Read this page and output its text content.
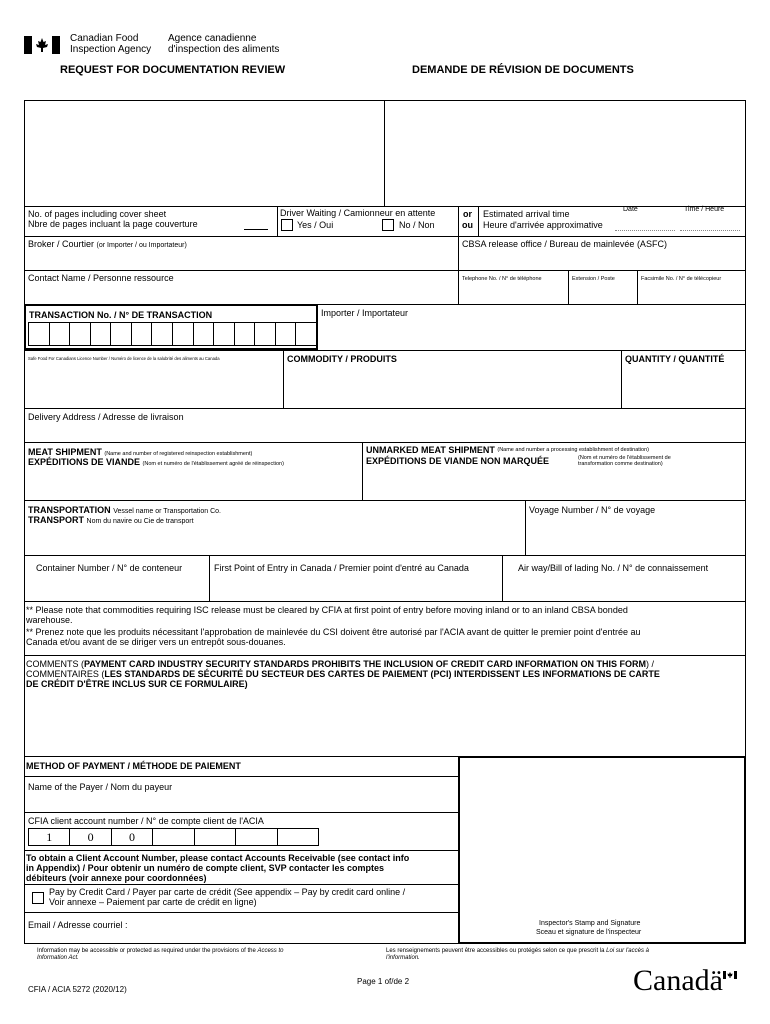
Canadian Food
Inspection Agency
Agence canadienne
d'inspection des aliments
REQUEST FOR DOCUMENTATION REVIEW	DEMANDE DE RÉVISION DE DOCUMENTS
No. of pages including cover sheet
Nbre de pages incluant la page couverture
Driver Waiting / Camionneur en attente
Yes / Oui	No / Non
or
ou
Estimated arrival time
Heure d'arrivée approximative
Date	Time / Heure
Broker / Courtier (or Importer / ou Importateur)	CBSA release office / Bureau de mainlevée (ASFC)
Contact Name / Personne ressource	Telephone No. / N° de téléphone	Extension / Poste	Facsimile No. / N° de télécopieur
TRANSACTION No. / N° DE TRANSACTION	Importer / Importateur
Safe Food For Canadians Licence Number / Numéro de licence de la salubrité des aliments au Canada	COMMODITY / PRODUITS	QUANTITY / QUANTITÉ
Delivery Address / Adresse de livraison
MEAT SHIPMENT (Name and number of registered reinspection establishment)
EXPÉDITIONS DE VIANDE (Nom et numéro de l'établissement agréé de réinspection)
UNMARKED MEAT SHIPMENT $^{(Name and number a processing establishment of destination)}$
EXPÉDITIONS DE VIANDE NON MARQUÉE	(Nom et numéro de l'établissement de
transformation comme destination)
TRANSPORTATION Vessel name or Transportation Co.
TRANSPORT Nom du navire ou Cie de transport
Voyage Number / N° de voyage
Container Number / N° de conteneur	First Point of Entry in Canada / Premier point d'entré au Canada	Air way/Bill of lading No. / N° de connaissement
** Please note that commodities requiring ISC release must be cleared by CFIA at first point of entry before moving inland or to an inland CBSA bonded
warehouse.
** Prenez note que les produits nécessitant l'approbation de mainlevée du CSI doivent être autorisé par l'ACIA avant de quitter le premier point d'entrée au
Canada et/ou avant de se diriger vers un entrepôt sous-douanes.
COMMENTS (PAYMENT CARD INDUSTRY SECURITY STANDARDS PROHIBITS THE INCLUSION OF CREDIT CARD INFORMATION ON THIS FORM) /
COMMENTAIRES (LES STANDARDS DE SÉCURITÉ DU SECTEUR DES CARTES DE PAIEMENT (PCI) INTERDISSENT LES INFORMATIONS DE CARTE
DE CRÉDIT D'ÊTRE INCLUS SUR CE FORMULAIRE)
Inspector's Stamp and Signature
Sceau et signature de l'inspecteur
METHOD OF PAYMENT / MÉTHODE DE PAIEMENT
Name of the Payer / Nom du payeur
CFIA client account number / N° de compte client de l'ACIA
1	0	0
To obtain a Client Account Number, please contact Accounts Receivable (see contact info
in Appendix) / Pour obtenir un numéro de compte client, SVP contacter les comptes
débiteurs (voir annexe pour coordonnées)
Pay by Credit Card / Payer par carte de crédit (See appendix – Pay by credit card online /
Voir annexe – Paiement par carte de crédit en ligne)
Email / Adresse courriel :
Information may be accessible or protected as required under the provisions of the Access to
Information Act.
Les renseignements peuvent être accessibles ou protégés selon ce que prescrit la Loi sur l'accès à
l'information.
CFIA / ACIA 5272 (2020/12)
Page 1 of/de 2	Canadä
